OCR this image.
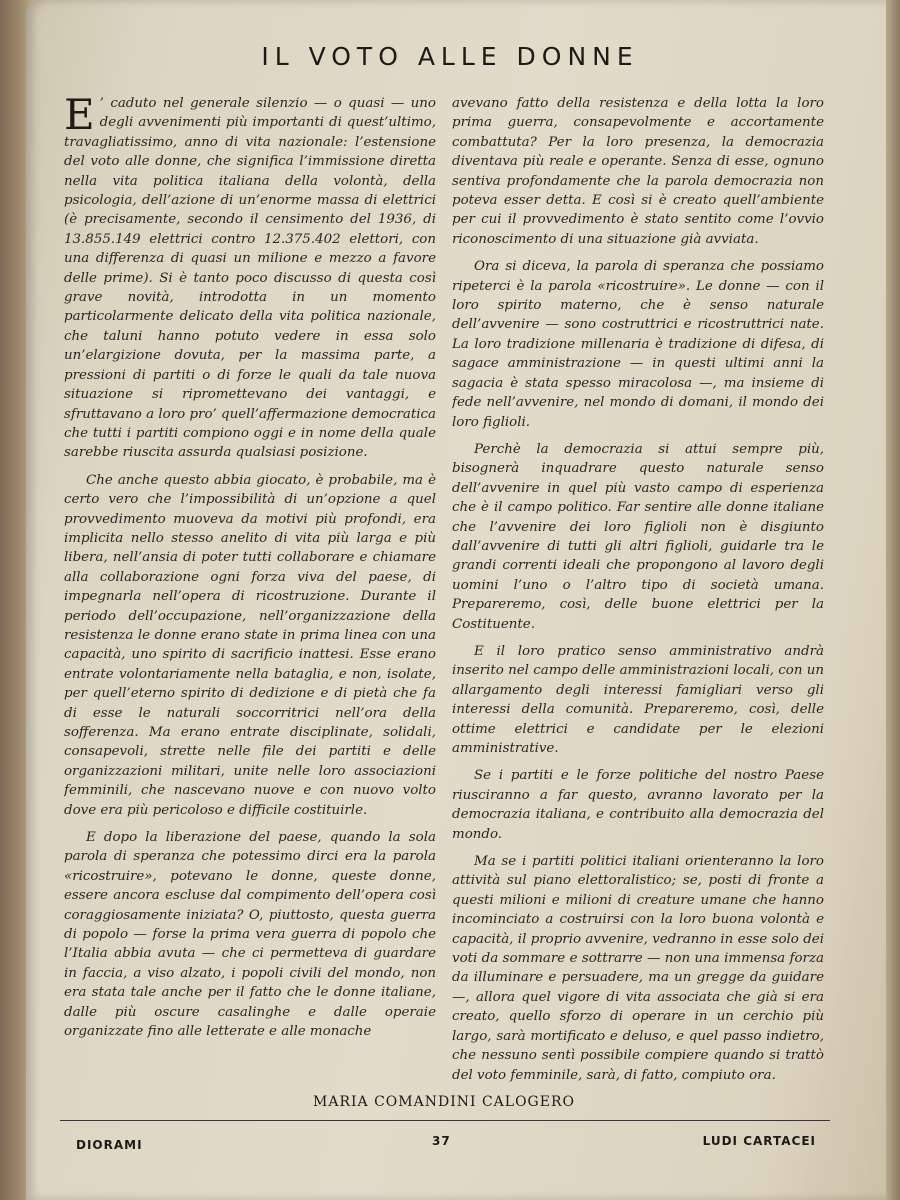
IL VOTO ALLE DONNE

E ’ caduto nel generale silenzio — o quasi — uno degli avvenimenti più importanti di quest’ultimo, travagliatissimo, anno di vita nazionale: l’estensione del voto alle donne, che significa l’immissione diretta nella vita politica italiana della volontà, della psicologia, dell’azione di un’enorme massa di elettrici (è precisamente, secondo il censimento del 1936, di 13.855.149 elettrici contro 12.375.402 elettori, con una differenza di quasi un milione e mezzo a favore delle prime). Si è tanto poco discusso di questa così grave novità, introdotta in un momento particolarmente delicato della vita politica nazionale, che taluni hanno potuto vedere in essa solo un’elargizione dovuta, per la massima parte, a pressioni di partiti o di forze le quali da tale nuova situazione si ripromettevano dei vantaggi, e sfruttavano a loro pro’ quell’affermazione democratica che tutti i partiti compiono oggi e in nome della quale sarebbe riuscita assurda qualsiasi posizione.

Che anche questo abbia giocato, è probabile, ma è certo vero che l’impossibilità di un’opzione a quel provvedimento muoveva da motivi più profondi, era implicita nello stesso anelito di vita più larga e più libera, nell’ansia di poter tutti collaborare e chiamare alla collaborazione ogni forza viva del paese, di impegnarla nell’opera di ricostruzione. Durante il periodo dell’occupazione, nell’organizzazione della resistenza le donne erano state in prima linea con una capacità, uno spirito di sacrificio inattesi. Esse erano entrate volontariamente nella bataglia, e non, isolate, per quell’eterno spirito di dedizione e di pietà che fa di esse le naturali soccorritrici nell’ora della sofferenza. Ma erano entrate disciplinate, solidali, consapevoli, strette nelle file dei partiti e delle organizzazioni militari, unite nelle loro associazioni femminili, che nascevano nuove e con nuovo volto dove era più pericoloso e difficile costituirle.

E dopo la liberazione del paese, quando la sola parola di speranza che potessimo dirci era la parola «ricostruire», potevano le donne, queste donne, essere ancora escluse dal compimento dell’opera così coraggiosamente iniziata? O, piuttosto, questa guerra di popolo — forse la prima vera guerra di popolo che l’Italia abbia avuta — che ci permetteva di guardare in faccia, a viso alzato, i popoli civili del mondo, non era stata tale anche per il fatto che le donne italiane, dalle più oscure casalinghe e dalle operaie organizzate fino alle letterate e alle monache

avevano fatto della resistenza e della lotta la loro prima guerra, consapevolmente e accortamente combattuta? Per la loro presenza, la democrazia diventava più reale e operante. Senza di esse, ognuno sentiva profondamente che la parola democrazia non poteva esser detta. E così si è creato quell’ambiente per cui il provvedimento è stato sentito come l’ovvio riconoscimento di una situazione già avviata.

Ora si diceva, la parola di speranza che possiamo ripeterci è la parola «ricostruire». Le donne — con il loro spirito materno, che è senso naturale dell’avvenire — sono costruttrici e ricostruttrici nate. La loro tradizione millenaria è tradizione di difesa, di sagace amministrazione — in questi ultimi anni la sagacia è stata spesso miracolosa —, ma insieme di fede nell’avvenire, nel mondo di domani, il mondo dei loro figlioli.

Perchè la democrazia si attui sempre più, bisognerà inquadrare questo naturale senso dell’avvenire in quel più vasto campo di esperienza che è il campo politico. Far sentire alle donne italiane che l’avvenire dei loro figlioli non è disgiunto dall’avvenire di tutti gli altri figlioli, guidarle tra le grandi correnti ideali che propongono al lavoro degli uomini l’uno o l’altro tipo di società umana. Prepareremo, così, delle buone elettrici per la Costituente.

E il loro pratico senso amministrativo andrà inserito nel campo delle amministrazioni locali, con un allargamento degli interessi famigliari verso gli interessi della comunità. Prepareremo, così, delle ottime elettrici e candidate per le elezioni amministrative.

Se i partiti e le forze politiche del nostro Paese riusciranno a far questo, avranno lavorato per la democrazia italiana, e contribuito alla democrazia del mondo.

Ma se i partiti politici italiani orienteranno la loro attività sul piano elettoralistico; se, posti di fronte a questi milioni e milioni di creature umane che hanno incominciato a costruirsi con la loro buona volontà e capacità, il proprio avvenire, vedranno in esse solo dei voti da sommare e sottrarre — non una immensa forza da illuminare e persuadere, ma un gregge da guidare —, allora quel vigore di vita associata che già si era creato, quello sforzo di operare in un cerchio più largo, sarà mortificato e deluso, e quel passo indietro, che nessuno sentì possibile compiere quando si trattò del voto femminile, sarà, di fatto, compiuto ora.

MARIA COMANDINI CALOGERO
DIORAMI	37	LUDI CARTACEI
